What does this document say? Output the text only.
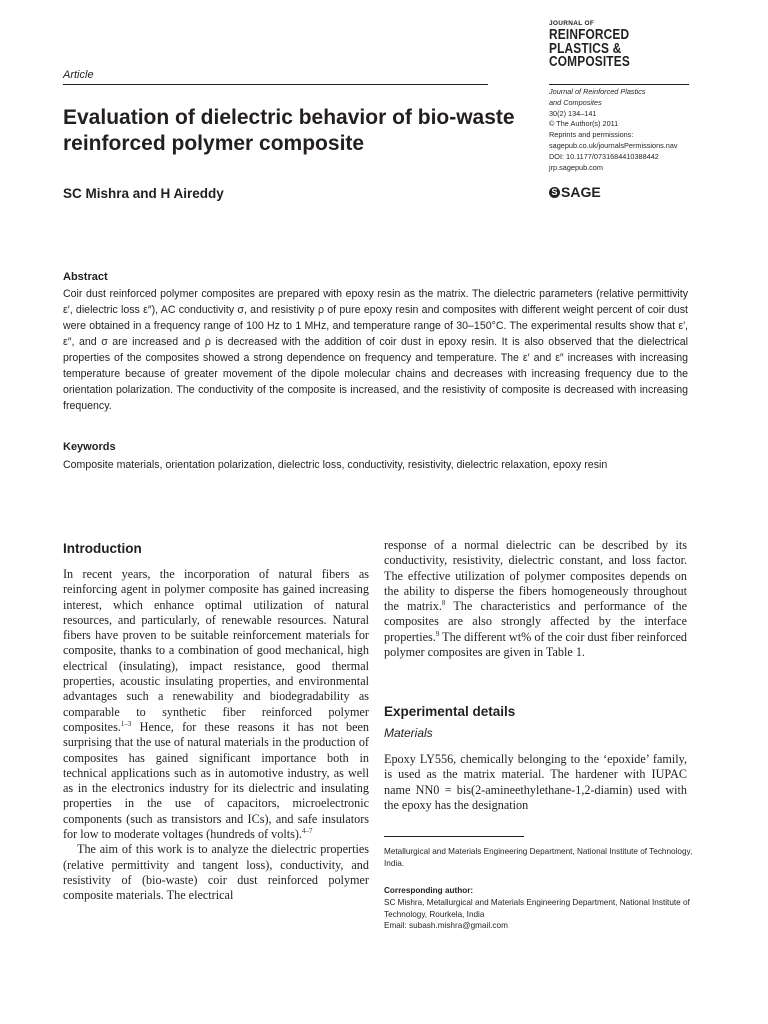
JOURNAL OF
REINFORCED
PLASTICS &
COMPOSITES
Article
Journal of Reinforced Plastics
and Composites
30(2) 134–141
© The Author(s) 2011
Reprints and permissions:
sagepub.co.uk/journalsPermissions.nav
DOI: 10.1177/0731684410388442
jrp.sagepub.com
S SAGE
Evaluation of dielectric behavior of bio-waste reinforced polymer composite
SC Mishra and H Aireddy
Abstract
Coir dust reinforced polymer composites are prepared with epoxy resin as the matrix. The dielectric parameters (relative permittivity ε′, dielectric loss ε″), AC conductivity σ, and resistivity ρ of pure epoxy resin and composites with different weight percent of coir dust were obtained in a frequency range of 100 Hz to 1 MHz, and temperature range of 30–150°C. The experimental results show that ε′, ε″, and σ are increased and ρ is decreased with the addition of coir dust in epoxy resin. It is also observed that the dielectrical properties of the composites showed a strong dependence on frequency and temperature. The ε′ and ε″ increases with increasing temperature because of greater movement of the dipole molecular chains and decreases with increasing frequency due to the orientation polarization. The conductivity of the composite is increased, and the resistivity of composite is decreased with increasing frequency.
Keywords
Composite materials, orientation polarization, dielectric loss, conductivity, resistivity, dielectric relaxation, epoxy resin
Introduction

In recent years, the incorporation of natural fibers as reinforcing agent in polymer composite has gained increasing interest, which enhance optimal utilization of natural resources, and particularly, of renewable resources. Natural fibers have proven to be suitable reinforcement materials for composite, thanks to a combination of good mechanical, high electrical (insulating), impact resistance, good thermal properties, acoustic insulating properties, and environmental advantages such a renewability and biodegradability as comparable to synthetic fiber reinforced polymer composites.$^{1-3}$ Hence, for these reasons it has not been surprising that the use of natural materials in the production of composites has gained significant importance both in technical applications such as in automotive industry, as well as in the electronics industry for its dielectric and insulating properties in the use of capacitors, microelectronic components (such as transistors and ICs), and safe insulators for low to moderate voltages (hundreds of volts).$^{4-7}$

The aim of this work is to analyze the dielectric properties (relative permittivity and tangent loss), conductivity, and resistivity of (bio-waste) coir dust reinforced polymer composite materials. The electrical

response of a normal dielectric can be described by its conductivity, resistivity, dielectric constant, and loss factor. The effective utilization of polymer composites depends on the ability to disperse the fibers homogeneously throughout the matrix.$^8$ The characteristics and performance of the composites are also strongly affected by the interface properties.$^9$ The different wt% of the coir dust fiber reinforced polymer composites are given in Table 1.

Experimental details
Materials
Epoxy LY556, chemically belonging to the ‘epoxide’ family, is used as the matrix material. The hardener with IUPAC name NN0 = bis(2-amineethylethane-1,2-diamin) used with the epoxy has the designation
Metallurgical and Materials Engineering Department, National Institute of Technology, India.
Corresponding author:
SC Mishra, Metallurgical and Materials Engineering Department, National Institute of Technology, Rourkela, India
Email: subash.mishra@gmail.com
